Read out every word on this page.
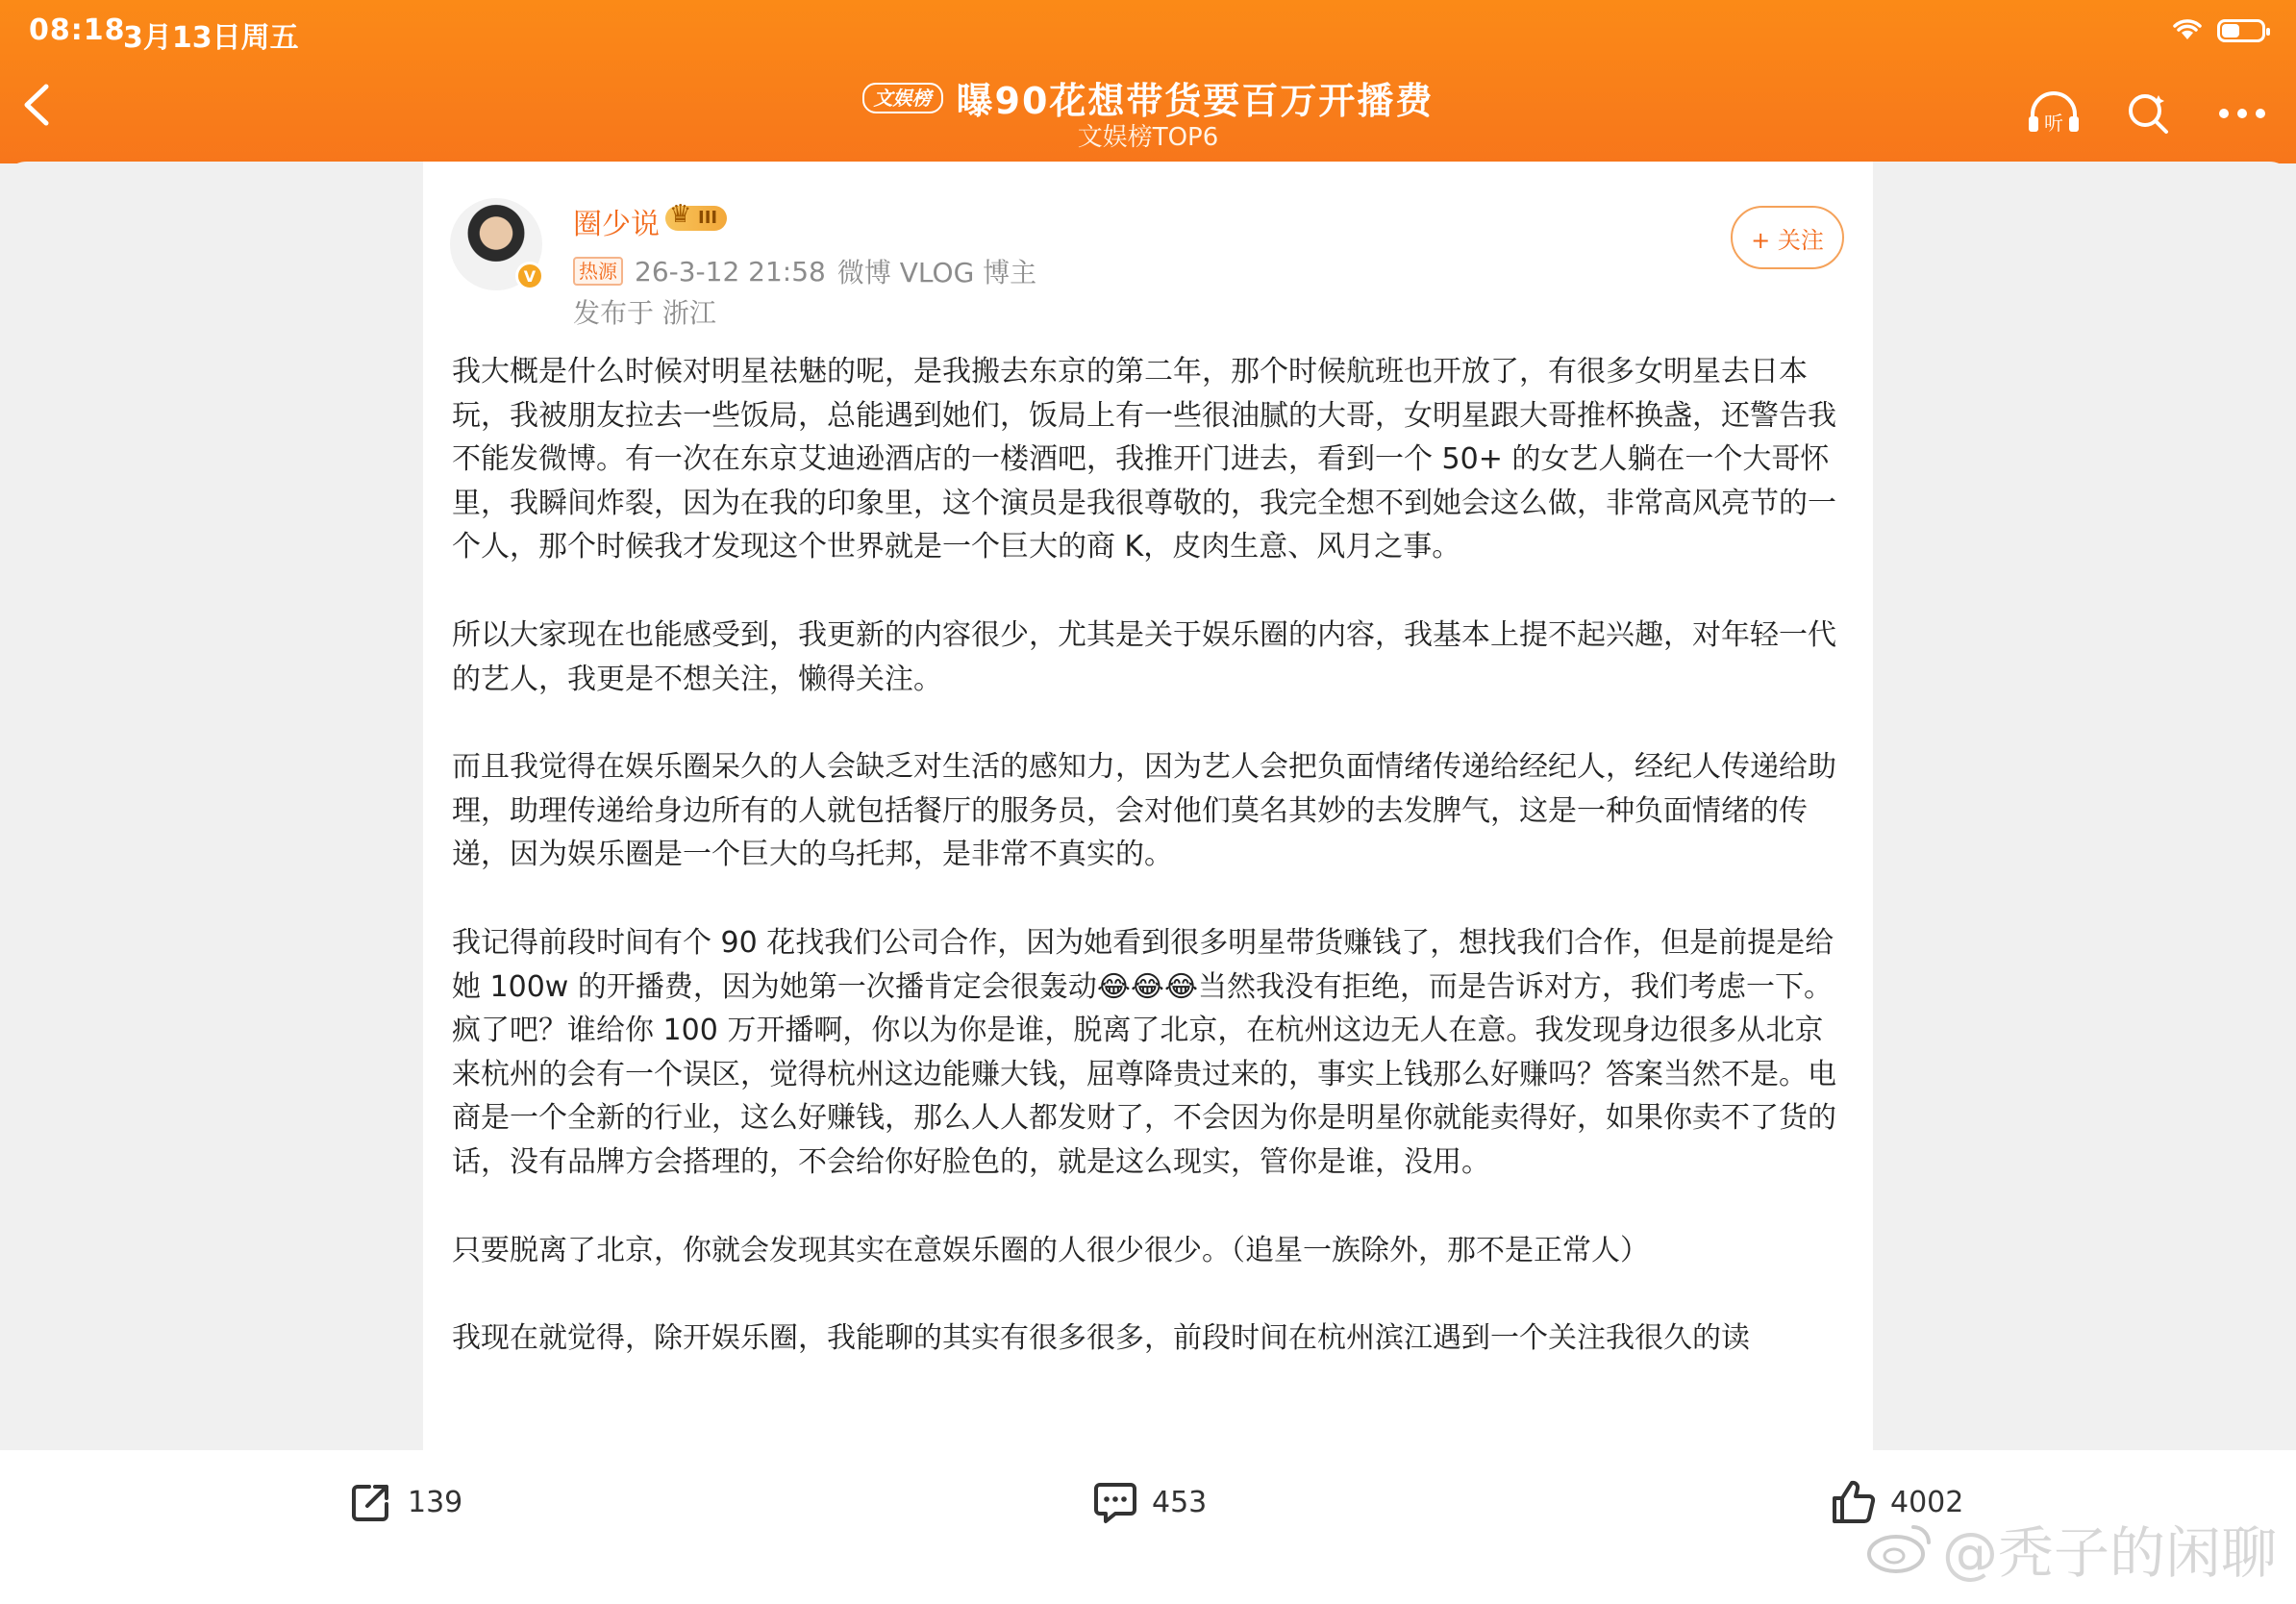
08:18
3月13日周五
文娱榜 曝90花想带货要百万开播费
文娱榜TOP6	听
V
圈少说 ♛ III
热源 26-3-12 21:58 微博 VLOG 博主
发布于 浙江
+ 关注

我大概是什么时候对明星祛魅的呢，是我搬去东京的第二年，那个时候航班也开放了，有很多女明星去日本玩，我被朋友拉去一些饭局，总能遇到她们，饭局上有一些很油腻的大哥，女明星跟大哥推杯换盏，还警告我不能发微博。有一次在东京艾迪逊酒店的一楼酒吧，我推开门进去，看到一个 50+ 的女艺人躺在一个大哥怀里，我瞬间炸裂，因为在我的印象里，这个演员是我很尊敬的，我完全想不到她会这么做，非常高风亮节的一个人，那个时候我才发现这个世界就是一个巨大的商 K，皮肉生意、风月之事。

所以大家现在也能感受到，我更新的内容很少，尤其是关于娱乐圈的内容，我基本上提不起兴趣，对年轻一代的艺人，我更是不想关注，懒得关注。

而且我觉得在娱乐圈呆久的人会缺乏对生活的感知力，因为艺人会把负面情绪传递给经纪人，经纪人传递给助理，助理传递给身边所有的人就包括餐厅的服务员，会对他们莫名其妙的去发脾气，这是一种负面情绪的传递，因为娱乐圈是一个巨大的乌托邦，是非常不真实的。

我记得前段时间有个 90 花找我们公司合作，因为她看到很多明星带货赚钱了，想找我们合作，但是前提是给她 100w 的开播费，因为她第一次播肯定会很轰动😂😂😂当然我没有拒绝，而是告诉对方，我们考虑一下。疯了吧？谁给你 100 万开播啊，你以为你是谁，脱离了北京，在杭州这边无人在意。我发现身边很多从北京来杭州的会有一个误区，觉得杭州这边能赚大钱，屈尊降贵过来的，事实上钱那么好赚吗？答案当然不是。电商是一个全新的行业，这么好赚钱，那么人人都发财了，不会因为你是明星你就能卖得好，如果你卖不了货的话，没有品牌方会搭理的，不会给你好脸色的，就是这么现实，管你是谁，没用。

只要脱离了北京，你就会发现其实在意娱乐圈的人很少很少。（追星一族除外，那不是正常人）

我现在就觉得，除开娱乐圈，我能聊的其实有很多很多，前段时间在杭州滨江遇到一个关注我很久的读

139	453	4002
@秃子的闲聊
